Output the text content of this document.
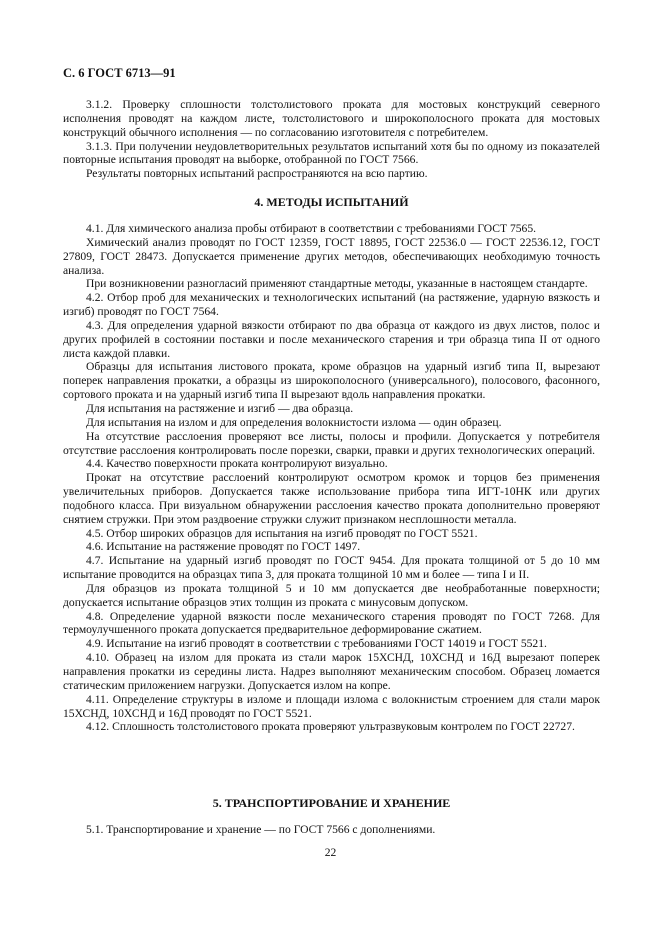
С. 6 ГОСТ 6713—91

3.1.2. Проверку сплошности толстолистового проката для мостовых конструкций северного исполнения проводят на каждом листе, толстолистового и широкополосного проката для мостовых конструкций обычного исполнения — по согласованию изготовителя с потребителем.

3.1.3. При получении неудовлетворительных результатов испытаний хотя бы по одному из показателей повторные испытания проводят на выборке, отобранной по ГОСТ 7566.

Результаты повторных испытаний распространяются на всю партию.

4. МЕТОДЫ ИСПЫТАНИЙ

4.1. Для химического анализа пробы отбирают в соответствии с требованиями ГОСТ 7565.

Химический анализ проводят по ГОСТ 12359, ГОСТ 18895, ГОСТ 22536.0 — ГОСТ 22536.12, ГОСТ 27809, ГОСТ 28473. Допускается применение других методов, обеспечивающих необходимую точность анализа.

При возникновении разногласий применяют стандартные методы, указанные в настоящем стандарте.

4.2. Отбор проб для механических и технологических испытаний (на растяжение, ударную вязкость и изгиб) проводят по ГОСТ 7564.

4.3. Для определения ударной вязкости отбирают по два образца от каждого из двух листов, полос и других профилей в состоянии поставки и после механического старения и три образца типа II от одного листа каждой плавки.

Образцы для испытания листового проката, кроме образцов на ударный изгиб типа II, вырезают поперек направления прокатки, а образцы из широкополосного (универсального), полосового, фасонного, сортового проката и на ударный изгиб типа II вырезают вдоль направления прокатки.

Для испытания на растяжение и изгиб — два образца.

Для испытания на излом и для определения волокнистости излома — один образец.

На отсутствие расслоения проверяют все листы, полосы и профили. Допускается у потребителя отсутствие расслоения контролировать после порезки, сварки, правки и других технологических операций.

4.4. Качество поверхности проката контролируют визуально.

Прокат на отсутствие расслоений контролируют осмотром кромок и торцов без применения увеличительных приборов. Допускается также использование прибора типа ИГТ-10НК или других подобного класса. При визуальном обнаружении расслоения качество проката дополнительно проверяют снятием стружки. При этом раздвоение стружки служит признаком несплошности металла.

4.5. Отбор широких образцов для испытания на изгиб проводят по ГОСТ 5521.

4.6. Испытание на растяжение проводят по ГОСТ 1497.

4.7. Испытание на ударный изгиб проводят по ГОСТ 9454. Для проката толщиной от 5 до 10 мм испытание проводится на образцах типа 3, для проката толщиной 10 мм и более — типа I и II.

Для образцов из проката толщиной 5 и 10 мм допускается две необработанные поверхности; допускается испытание образцов этих толщин из проката с минусовым допуском.

4.8. Определение ударной вязкости после механического старения проводят по ГОСТ 7268. Для термоулучшенного проката допускается предварительное деформирование сжатием.

4.9. Испытание на изгиб проводят в соответствии с требованиями ГОСТ 14019 и ГОСТ 5521.

4.10. Образец на излом для проката из стали марок 15ХСНД, 10ХСНД и 16Д вырезают поперек направления прокатки из середины листа. Надрез выполняют механическим способом. Образец ломается статическим приложением нагрузки. Допускается излом на копре.

4.11. Определение структуры в изломе и площади излома с волокнистым строением для стали марок 15ХСНД, 10ХСНД и 16Д проводят по ГОСТ 5521.

4.12. Сплошность толстолистового проката проверяют ультразвуковым контролем по ГОСТ 22727.

5. ТРАНСПОРТИРОВАНИЕ И ХРАНЕНИЕ

5.1. Транспортирование и хранение — по ГОСТ 7566 с дополнениями.

22
